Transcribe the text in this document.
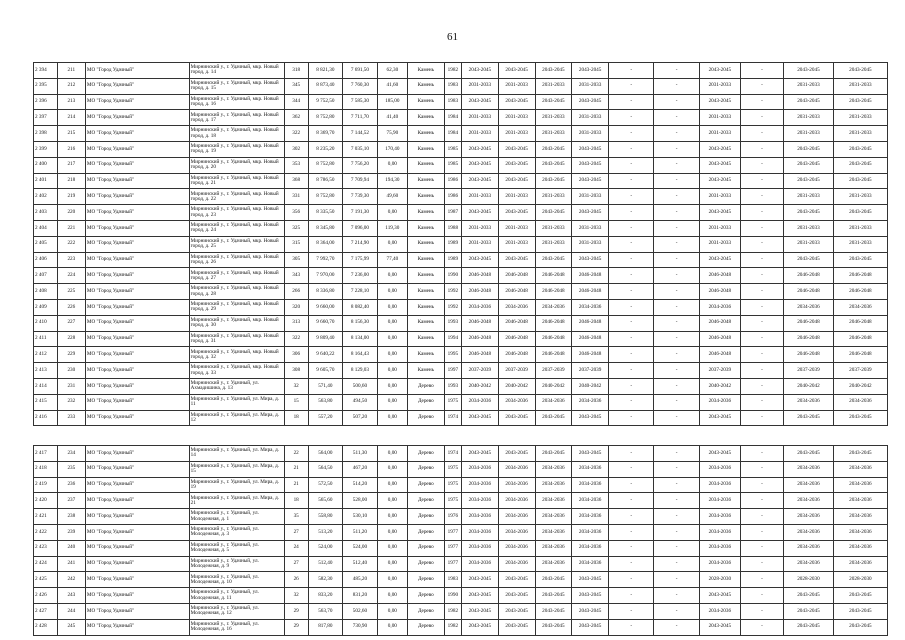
61
2 394	211	МО "Город Удачный"	Мирнинский у., г. Удачный, мкр. Новый город, д. 14	318	8 821,30	7 691,50	62,30	Камень	1982	2043-2045	2043-2045	2043-2045	2043-2045	-	-	2043-2045	-	2043-2045	2043-2045
2 395	212	МО "Город Удачный"	Мирнинский у., г. Удачный, мкр. Новый город, д. 15	345	8 873,40	7 760,30	41,60	Камень	1983	2031-2033	2031-2033	2031-2033	2031-2033	-	-	2031-2033	-	2031-2033	2031-2033
2 396	213	МО "Город Удачный"	Мирнинский у., г. Удачный, мкр. Новый город, д. 16	344	9 752,50	7 585,30	185,00	Камень	1983	2043-2045	2043-2045	2043-2045	2043-2045	-	-	2043-2045	-	2043-2045	2043-2045
2 397	214	МО "Город Удачный"	Мирнинский у., г. Удачный, мкр. Новый город, д. 17	362	8 752,80	7 711,70	41,40	Камень	1984	2031-2033	2031-2033	2031-2033	2031-2033	-	-	2031-2033	-	2031-2033	2031-2033
2 398	215	МО "Город Удачный"	Мирнинский у., г. Удачный, мкр. Новый город, д. 18	322	8 369,70	7 144,52	75,90	Камень	1984	2031-2033	2031-2033	2031-2033	2031-2033	-	-	2031-2033	-	2031-2033	2031-2033
2 399	216	МО "Город Удачный"	Мирнинский у., г. Удачный, мкр. Новый город, д. 19	302	8 235,20	7 035,10	170,40	Камень	1985	2043-2045	2043-2045	2043-2045	2043-2045	-	-	2043-2045	-	2043-2045	2043-2045
2 400	217	МО "Город Удачный"	Мирнинский у., г. Удачный, мкр. Новый город, д. 20	353	8 752,80	7 756,20	0,00	Камень	1985	2043-2045	2043-2045	2043-2045	2043-2045	-	-	2043-2045	-	2043-2045	2043-2045
2 401	218	МО "Город Удачный"	Мирнинский у., г. Удачный, мкр. Новый город, д. 21	368	8 786,50	7 709,94	194,30	Камень	1986	2043-2045	2043-2045	2043-2045	2043-2045	-	-	2043-2045	-	2043-2045	2043-2045
2 402	219	МО "Город Удачный"	Мирнинский у., г. Удачный, мкр. Новый город, д. 22	331	8 752,80	7 739,30	49,60	Камень	1986	2031-2033	2031-2033	2031-2033	2031-2033	-	-	2031-2033	-	2031-2033	2031-2033
2 403	220	МО "Город Удачный"	Мирнинский у., г. Удачный, мкр. Новый город, д. 23	356	8 335,50	7 191,30	0,00	Камень	1987	2043-2045	2043-2045	2043-2045	2043-2045	-	-	2043-2045	-	2043-2045	2043-2045
2 404	221	МО "Город Удачный"	Мирнинский у., г. Удачный, мкр. Новый город, д. 24	325	8 345,80	7 096,00	119,30	Камень	1988	2031-2033	2031-2033	2031-2033	2031-2033	-	-	2031-2033	-	2031-2033	2031-2033
2 405	222	МО "Город Удачный"	Мирнинский у., г. Удачный, мкр. Новый город, д. 25	315	8 364,00	7 214,90	0,00	Камень	1989	2031-2033	2031-2033	2031-2033	2031-2033	-	-	2031-2033	-	2031-2033	2031-2033
2 406	223	МО "Город Удачный"	Мирнинский у., г. Удачный, мкр. Новый город, д. 26	305	7 992,70	7 175,99	77,40	Камень	1989	2043-2045	2043-2045	2043-2045	2043-2045	-	-	2043-2045	-	2043-2045	2043-2045
2 407	224	МО "Город Удачный"	Мирнинский у., г. Удачный, мкр. Новый город, д. 27	343	7 970,00	7 236,00	0,00	Камень	1990	2046-2048	2046-2048	2046-2048	2046-2048	-	-	2046-2048	-	2046-2048	2046-2048
2 408	225	МО "Город Удачный"	Мирнинский у., г. Удачный, мкр. Новый город, д. 28	266	8 336,80	7 228,10	0,00	Камень	1992	2046-2048	2046-2048	2046-2048	2046-2048	-	-	2046-2048	-	2046-2048	2046-2048
2 409	226	МО "Город Удачный"	Мирнинский у., г. Удачный, мкр. Новый город, д. 29	320	9 660,00	8 082,40	0,00	Камень	1992	2034-2036	2034-2036	2034-2036	2034-2036	-	-	2034-2036	-	2034-2036	2034-2036
2 410	227	МО "Город Удачный"	Мирнинский у., г. Удачный, мкр. Новый город, д. 30	313	9 660,70	8 156,30	0,00	Камень	1993	2046-2048	2046-2048	2046-2048	2046-2048	-	-	2046-2048	-	2046-2048	2046-2048
2 411	228	МО "Город Удачный"	Мирнинский у., г. Удачный, мкр. Новый город, д. 31	322	9 809,40	8 134,00	0,00	Камень	1994	2046-2048	2046-2048	2046-2048	2046-2048	-	-	2046-2048	-	2046-2048	2046-2048
2 412	229	МО "Город Удачный"	Мирнинский у., г. Удачный, мкр. Новый город, д. 32	306	9 640,22	8 164,43	0,00	Камень	1995	2046-2048	2046-2048	2046-2048	2046-2048	-	-	2046-2048	-	2046-2048	2046-2048
2 413	230	МО "Город Удачный"	Мирнинский у., г. Удачный, мкр. Новый город, д. 33	308	9 605,70	8 129,03	0,00	Камень	1997	2037-2039	2037-2039	2037-2039	2037-2039	-	-	2037-2039	-	2037-2039	2037-2039
2 414	231	МО "Город Удачный"	Мирнинский у., г. Удачный, ул. Ахмадишина, д. 13	32	571,40	500,60	0,00	Дерево	1993	2040-2042	2040-2042	2040-2042	2040-2042	-	-	2040-2042	-	2040-2042	2040-2042
2 415	232	МО "Город Удачный"	Мирнинский у., г. Удачный, ул. Мира, д. 11	15	563,80	494,50	0,00	Дерево	1975	2034-2036	2034-2036	2034-2036	2034-2036	-	-	2034-2036	-	2034-2036	2034-2036
2 416	233	МО "Город Удачный"	Мирнинский у., г. Удачный, ул. Мира, д. 12	18	557,20	507,20	0,00	Дерево	1974	2043-2045	2043-2045	2043-2045	2043-2045	-	-	2043-2045	-	2043-2045	2043-2045
2 417	234	МО "Город Удачный"	Мирнинский у., г. Удачный, ул. Мира, д. 14	22	564,00	511,30	0,00	Дерево	1974	2043-2045	2043-2045	2043-2045	2043-2045	-	-	2043-2045	-	2043-2045	2043-2045
2 418	235	МО "Город Удачный"	Мирнинский у., г. Удачный, ул. Мира, д. 15	21	564,50	467,20	0,00	Дерево	1975	2034-2036	2034-2036	2034-2036	2034-2036	-	-	2034-2036	-	2034-2036	2034-2036
2 419	236	МО "Город Удачный"	Мирнинский у., г. Удачный, ул. Мира, д. 19	21	572,50	514,20	0,00	Дерево	1975	2034-2036	2034-2036	2034-2036	2034-2036	-	-	2034-2036	-	2034-2036	2034-2036
2 420	237	МО "Город Удачный"	Мирнинский у., г. Удачный, ул. Мира, д. 21	18	565,60	528,00	0,00	Дерево	1975	2034-2036	2034-2036	2034-2036	2034-2036	-	-	2034-2036	-	2034-2036	2034-2036
2 421	238	МО "Город Удачный"	Мирнинский у., г. Удачный, ул. Молодежная, д. 1	35	558,80	530,10	0,00	Дерево	1976	2034-2036	2034-2036	2034-2036	2034-2036	-	-	2034-2036	-	2034-2036	2034-2036
2 422	239	МО "Город Удачный"	Мирнинский у., г. Удачный, ул. Молодежная, д. 3	27	513,20	511,20	0,00	Дерево	1977	2034-2036	2034-2036	2034-2036	2034-2036	-	-	2034-2036	-	2034-2036	2034-2036
2 423	240	МО "Город Удачный"	Мирнинский у., г. Удачный, ул. Молодежная, д. 5	24	524,00	524,00	0,00	Дерево	1977	2034-2036	2034-2036	2034-2036	2034-2036	-	-	2034-2036	-	2034-2036	2034-2036
2 424	241	МО "Город Удачный"	Мирнинский у., г. Удачный, ул. Молодежная, д. 9	27	512,40	512,40	0,00	Дерево	1977	2034-2036	2034-2036	2034-2036	2034-2036	-	-	2034-2036	-	2034-2036	2034-2036
2 425	242	МО "Город Удачный"	Мирнинский у., г. Удачный, ул. Молодежная, д. 10	26	582,30	485,20	0,00	Дерево	1983	2043-2045	2043-2045	2043-2045	2043-2045	-	-	2028-2030	-	2028-2030	2028-2030
2 426	243	МО "Город Удачный"	Мирнинский у., г. Удачный, ул. Молодежная, д. 11	32	833,20	831,20	0,00	Дерево	1990	2043-2045	2043-2045	2043-2045	2043-2045	-	-	2043-2045	-	2043-2045	2043-2045
2 427	244	МО "Город Удачный"	Мирнинский у., г. Удачный, ул. Молодежная, д. 12	29	563,70	502,60	0,00	Дерево	1982	2043-2045	2043-2045	2043-2045	2043-2045	-	-	2034-2036	-	2043-2045	2043-2045
2 428	245	МО "Город Удачный"	Мирнинский у., г. Удачный, ул. Молодежная, д. 16	29	817,80	730,90	0,00	Дерево	1982	2043-2045	2043-2045	2043-2045	2043-2045	-	-	2043-2045	-	2043-2045	2043-2045
